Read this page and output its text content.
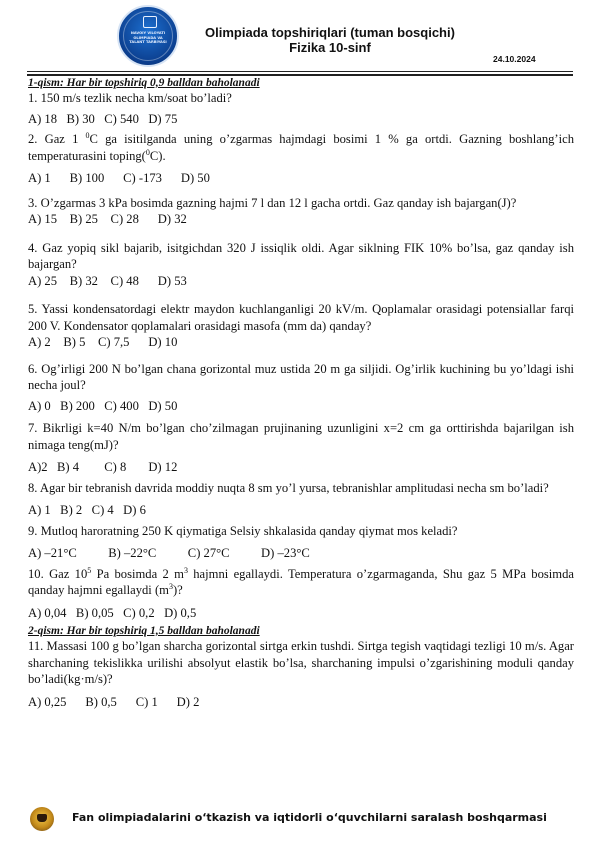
NAVOIY VILOYATI OLIMPIADA VA TALANT TARBIYASI
Olimpiada topshiriqlari (tuman bosqichi)
Fizika 10-sinf
24.10.2024

1-qism: Har bir topshiriq 0,9 balldan baholanadi

1. 150 m/s tezlik necha km/soat bo’ladi?

A) 18   B) 30   C) 540   D) 75

2. Gaz 1 $^0$C ga isitilganda uning o’zgarmas hajmdagi bosimi 1 % ga ortdi. Gazning boshlang’ich temperaturasini toping($^0$C).

A) 1      B) 100      C) -173      D) 50

3. O’zgarmas 3 kPa bosimda gazning hajmi 7 l dan 12 l gacha ortdi. Gaz qanday ish bajargan(J)?

A) 15    B) 25    C) 28      D) 32

4. Gaz yopiq sikl bajarib, isitgichdan 320 J issiqlik oldi. Agar siklning FIK 10% bo’lsa, gaz qanday ish bajargan?

A) 25    B) 32    C) 48      D) 53

5. Yassi kondensatordagi elektr maydon kuchlanganligi 20 kV/m. Qoplamalar orasidagi potensiallar farqi 200 V. Kondensator qoplamalari orasidagi masofa (mm da) qanday?

A) 2    B) 5    C) 7,5      D) 10

6. Og’irligi 200 N bo’lgan chana gorizontal muz ustida 20 m ga siljidi. Og’irlik kuchining bu yo’ldagi ishi necha joul?

A) 0   B) 200   C) 400   D) 50

7. Bikrligi k=40 N/m bo’lgan cho’zilmagan prujinaning uzunligini x=2 cm ga orttirishda bajarilgan ish nimaga teng(mJ)?

A)2   B) 4        C) 8       D) 12

8. Agar bir tebranish davrida moddiy nuqta 8 sm yo’l yursa, tebranishlar amplitudasi necha sm bo’ladi?

A) 1   B) 2   C) 4   D) 6

9. Mutloq haroratning 250 K qiymatiga Selsiy shkalasida qanday qiymat mos keladi?

A) –21°C          B) –22°C          C) 27°C          D) –23°C

10. Gaz $10^5$ Pa bosimda 2 $m^3$ hajmni egallaydi. Temperatura o’zgarmaganda, Shu gaz 5 MPa bosimda qanday hajmni egallaydi $(m^3)$?

A) 0,04   B) 0,05   C) 0,2   D) 0,5

2-qism: Har bir topshiriq 1,5 balldan baholanadi

11. Massasi 100 g bo’lgan sharcha gorizontal sirtga erkin tushdi. Sirtga tegish vaqtidagi tezligi 10 m/s. Agar sharchaning tekislikka urilishi absolyut elastik bo’lsa, sharchaning impulsi o’zgarishining moduli qanday bo’ladi(kg·m/s)?

A) 0,25      B) 0,5      C) 1      D) 2

Fan olimpiadalarini o‘tkazish va iqtidorli o‘quvchilarni saralash boshqarmasi
